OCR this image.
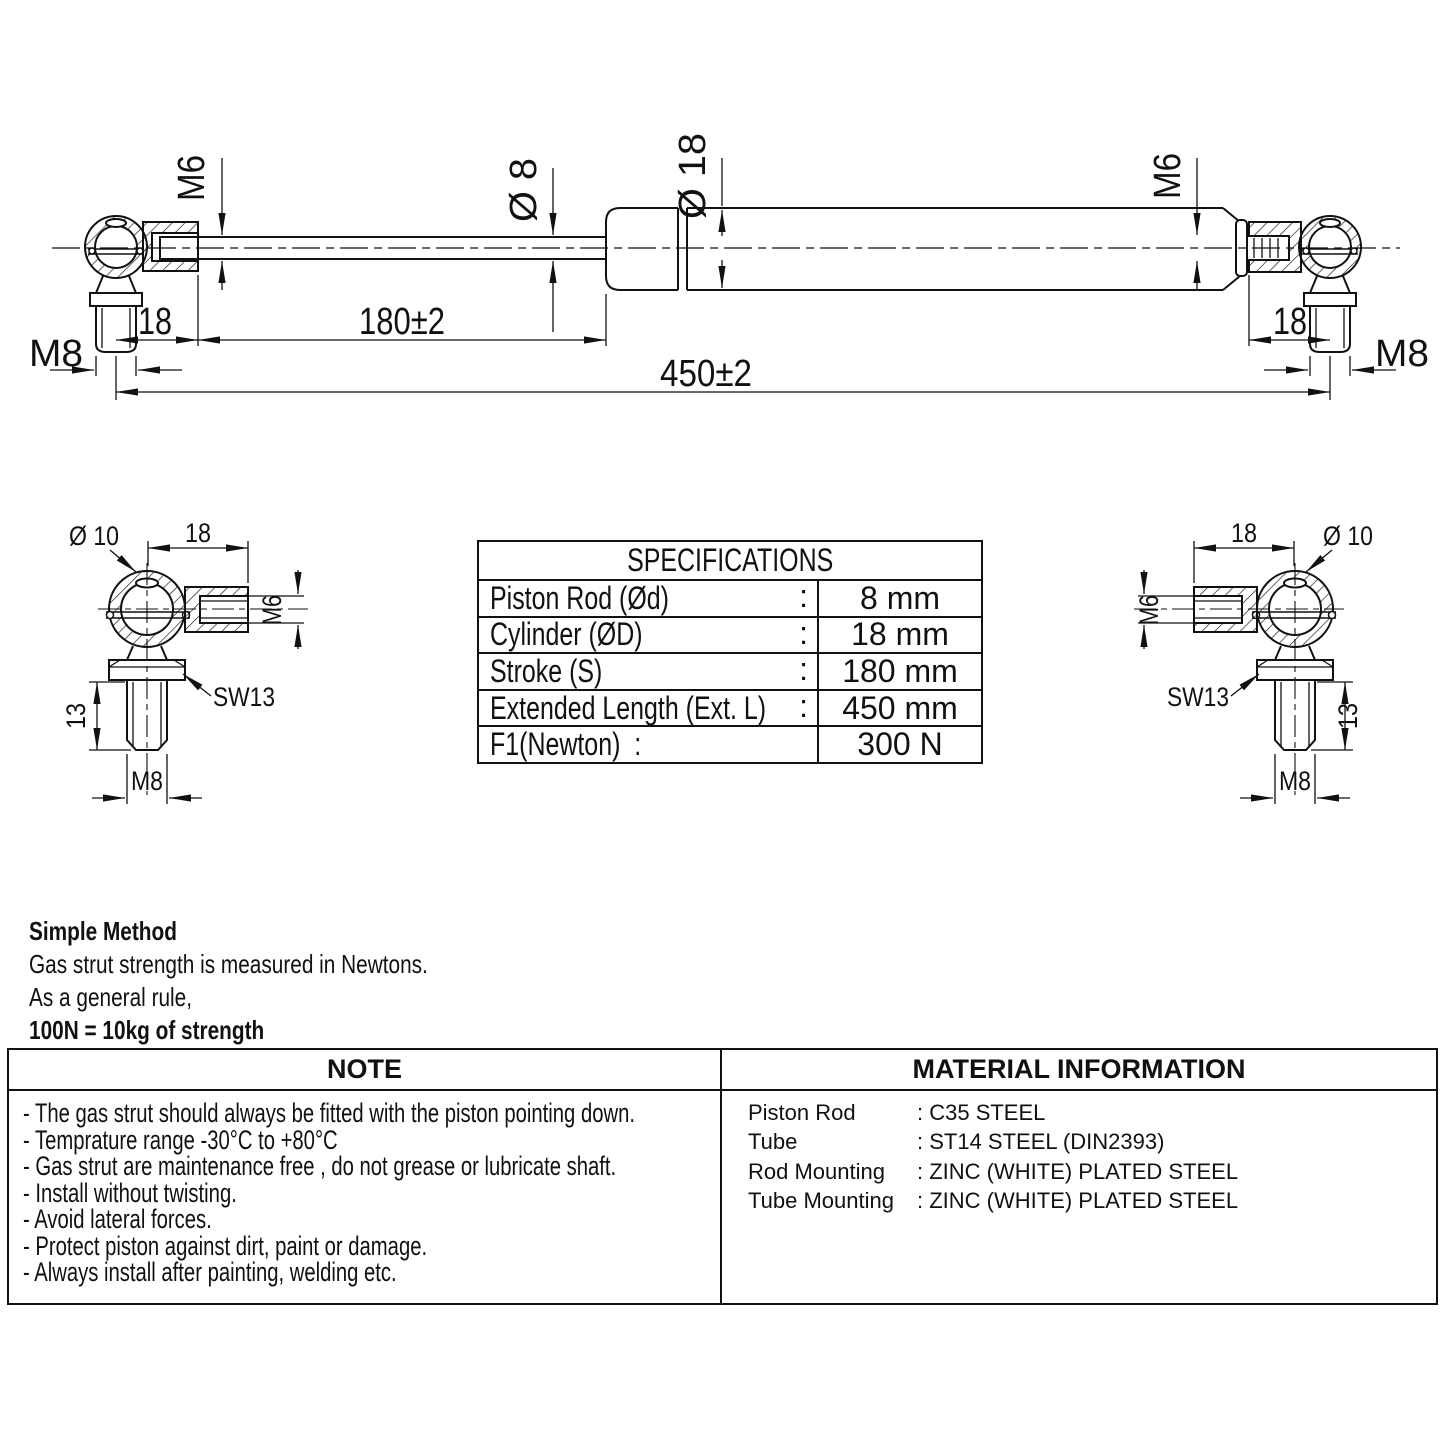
M6	Ø 8	Ø 18	M6
18	180±2	18
M8	M8
450±2
Ø 10 18
M6
SW13
13
M8
Ø 10
18
M6
SW13
13
M8
SPECIFICATIONS
Piston Rod (Ød)	: 8 mm
Cylinder (ØD)	: 18 mm
Stroke (S)	: 180 mm
Extended Length (Ext. L) : 450 mm
F1(Newton)  :	300 N
Simple Method
Gas strut strength is measured in Newtons.
As a general rule,
100N = 10kg of strength
NOTE	MATERIAL INFORMATION
- The gas strut should always be fitted with the piston pointing down.
- Temprature range -30°C to +80°C
- Gas strut are maintenance free , do not grease or lubricate shaft.
- Install without twisting.
- Avoid lateral forces.
- Protect piston against dirt, paint or damage.
- Always install after painting, welding etc.
Piston Rod	: C35 STEEL
Tube	: ST14 STEEL (DIN2393)
Rod Mounting : ZINC (WHITE) PLATED STEEL
Tube Mounting : ZINC (WHITE) PLATED STEEL
